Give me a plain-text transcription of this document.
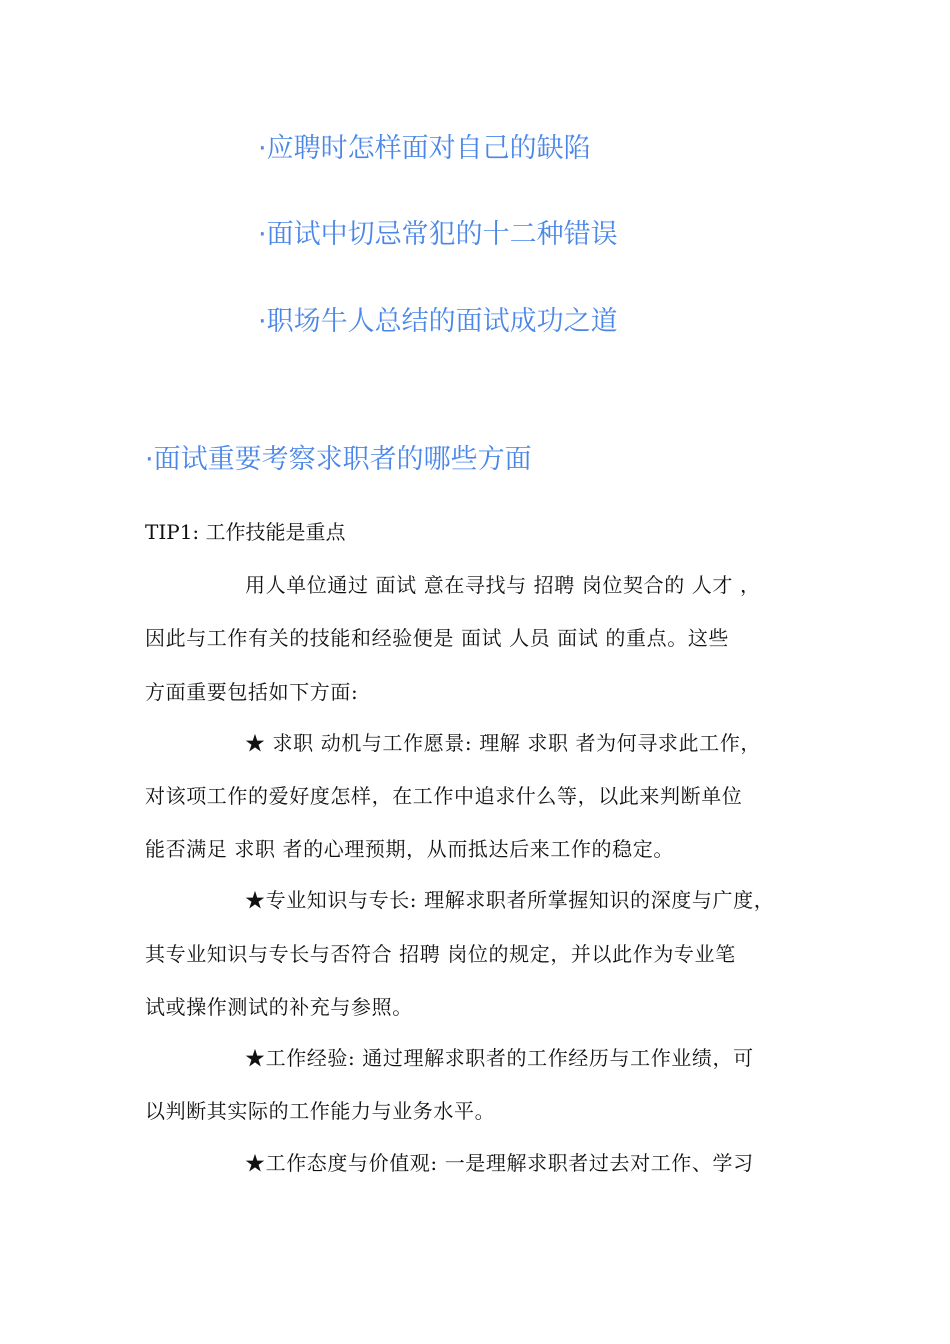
·应聘时怎样面对自己的缺陷
·面试中切忌常犯的十二种错误
·职场牛人总结的面试成功之道
·面试重要考察求职者的哪些方面
TIP1: 工作技能是重点
用人单位通过 面试 意在寻找与 招聘 岗位契合的 人才 ，
因此与工作有关的技能和经验便是 面试 人员 面试 的重点。这些
方面重要包括如下方面:
★ 求职 动机与工作愿景: 理解 求职 者为何寻求此工作，
对该项工作的爱好度怎样，在工作中追求什么等，以此来判断单位
能否满足 求职 者的心理预期，从而抵达后来工作的稳定。
★专业知识与专长: 理解求职者所掌握知识的深度与广度，
其专业知识与专长与否符合 招聘 岗位的规定，并以此作为专业笔
试或操作测试的补充与参照。
★工作经验: 通过理解求职者的工作经历与工作业绩，可
以判断其实际的工作能力与业务水平。
★工作态度与价值观: 一是理解求职者过去对工作、学习
